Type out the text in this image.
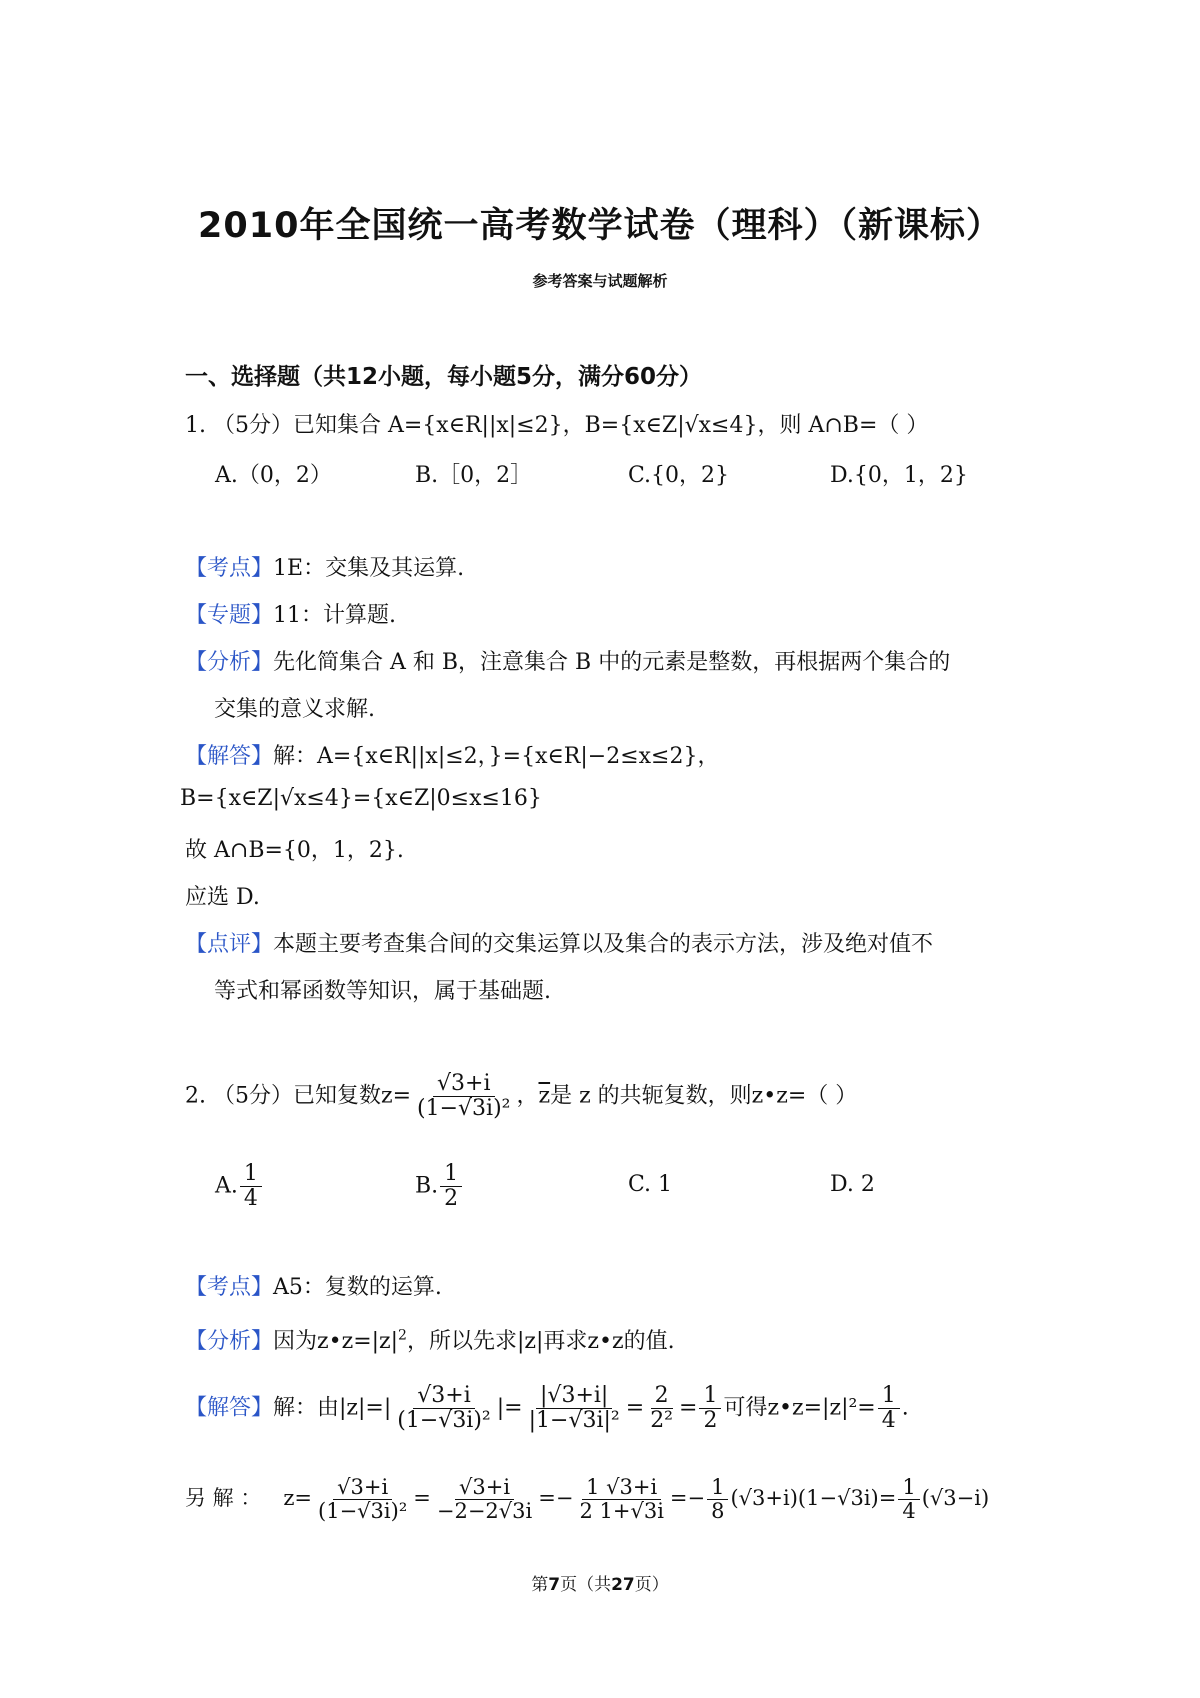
2010年全国统一高考数学试卷（理科）（新课标）
参考答案与试题解析
一、选择题（共12小题，每小题5分，满分60分）
1. （5分）已知集合 A={x∈R||x|≤2}，B={x∈Z|√x≤4}，则 A∩B=（ ）
A.（0，2）	B.［0，2］	C.{0，2}	D.{0，1，2}
【考点】1E：交集及其运算.
【专题】11：计算题.
【分析】先化简集合 A 和 B，注意集合 B 中的元素是整数，再根据两个集合的
交集的意义求解.
【解答】解：A={x∈R||x|≤2，}={x∈R|−2≤x≤2}，
B={x∈Z|√x≤4}={x∈Z|0≤x≤16}
故 A∩B={0，1，2}.
应选 D.
【点评】本题主要考查集合间的交集运算以及集合的表示方法，涉及绝对值不
等式和幂函数等知识，属于基础题.
2. （5分）已知复数$z= \frac{√3+i}{\text{(1−√3i)²}}$ ，$\overline{z}$是 z 的共轭复数，则z•z=（ ）
A. $\frac{1}{4}$	B. $\frac{1}{2}$	C. 1	D. 2
【考点】A5：复数的运算.
【分析】因为$z•z=|z|^2$，所以先求|z|再求z•z的值.
【解答】解：由$|z|=| \frac{√3+i}{\text{(1−√3i)²}}$ |= $\frac{|√3+i|}{\text{|1−√3i|²}} = \frac{2}{\text{2²}} = \frac{1}{2}$ 可得z•z=|z|²= $\frac{1}{4}$ .
另 解 ： $z= \frac{√3+i}{\text{(1−√3i)²}} = \frac{√3+i}{-2-2√3i} =- \frac{1 √3+i}{2 1+√3i} =- \frac{1}{8} (√3+i)(1-√3i)= \frac{1}{4} (√3-i)$
第7页（共27页）
